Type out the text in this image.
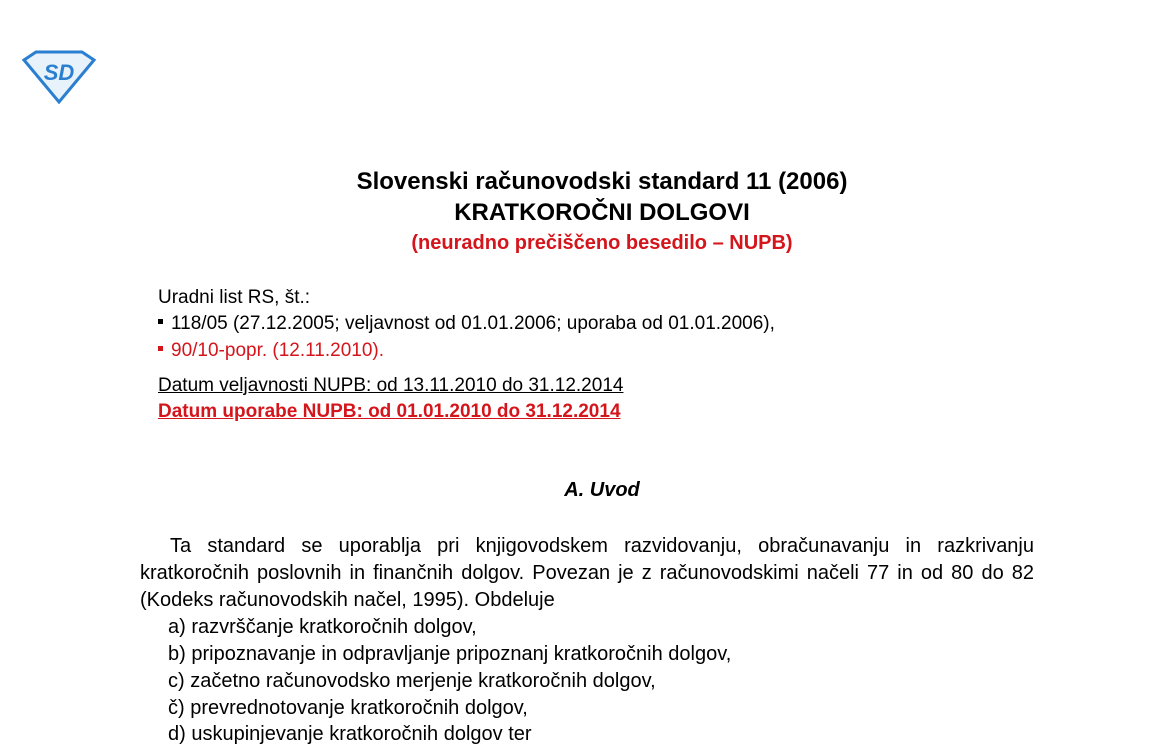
SD
Slovenski računovodski standard 11 (2006)
KRATKOROČNI DOLGOVI
(neuradno prečiščeno besedilo – NUPB)
Uradni list RS, št.:
118/05 (27.12.2005; veljavnost od 01.01.2006; uporaba od 01.01.2006),
90/10-popr. (12.11.2010).
Datum veljavnosti NUPB: od 13.11.2010 do 31.12.2014
Datum uporabe NUPB: od 01.01.2010 do 31.12.2014
A. Uvod

Ta standard se uporablja pri knjigovodskem razvidovanju, obračunavanju in razkrivanju kratkoročnih poslovnih in finančnih dolgov. Povezan je z računovodskimi načeli 77 in od 80 do 82 (Kodeks računovodskih načel, 1995). Obdeluje

a) razvrščanje kratkoročnih dolgov,
b) pripoznavanje in odpravljanje pripoznanj kratkoročnih dolgov,
c) začetno računovodsko merjenje kratkoročnih dolgov,
č) prevrednotovanje kratkoročnih dolgov,
d) uskupinjevanje kratkoročnih dolgov ter
